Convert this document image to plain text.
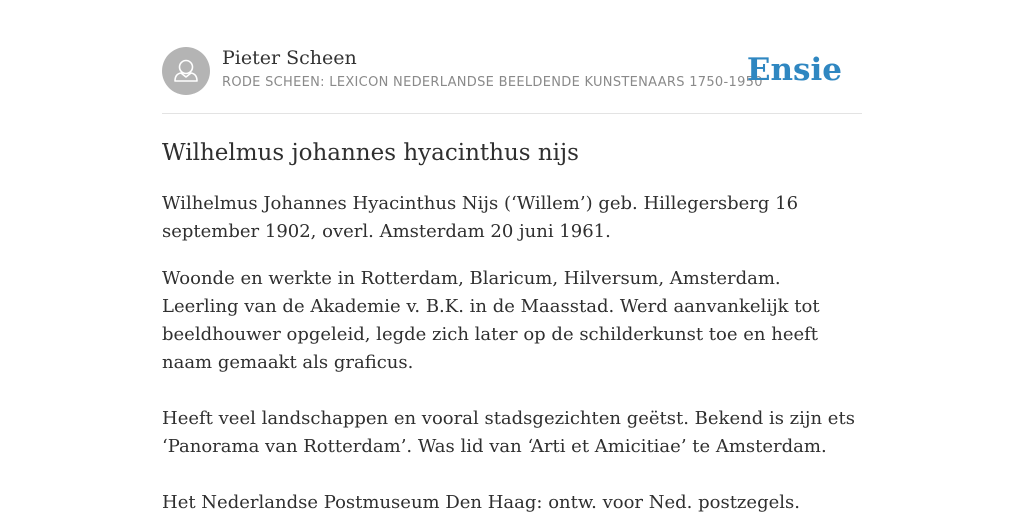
Pieter Scheen
RODE SCHEEN: LEXICON NEDERLANDSE BEELDENDE KUNSTENAARS 1750-1950
Ensie
Wilhelmus johannes hyacinthus nijs

Wilhelmus Johannes Hyacinthus Nijs (‘Willem’) geb. Hillegersberg 16 september 1902, overl. Amsterdam 20 juni 1961.

Woonde en werkte in Rotterdam, Blaricum, Hilversum, Amsterdam. Leerling van de Akademie v. B.K. in de Maasstad. Werd aanvankelijk tot beeldhouwer opgeleid, legde zich later op de schilderkunst toe en heeft naam gemaakt als graficus.

Heeft veel landschappen en vooral stadsgezichten geëtst. Bekend is zijn ets ‘Panorama van Rotterdam’. Was lid van ‘Arti et Amicitiae’ te Amsterdam.

Het Nederlandse Postmuseum Den Haag: ontw. voor Ned. postzegels.
